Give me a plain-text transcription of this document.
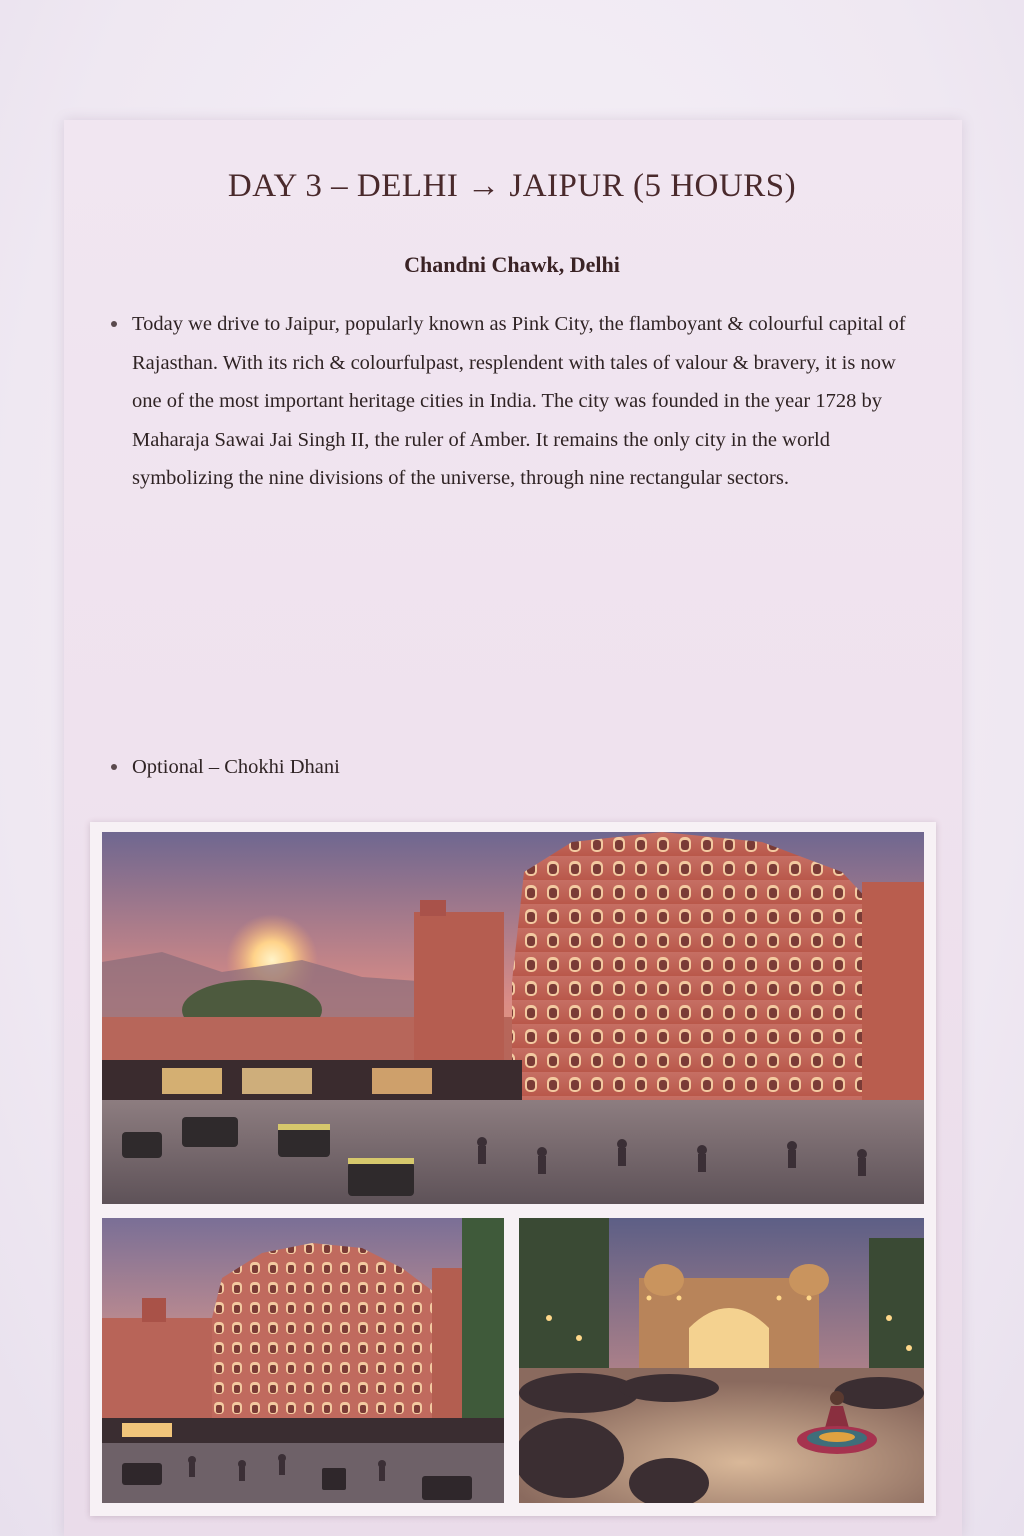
DAY 3 – DELHI → JAIPUR (5 HOURS)
Chandni Chawk, Delhi
Today we drive to Jaipur, popularly known as Pink City, the flamboyant & colourful capital of Rajasthan. With its rich & colourfulpast, resplendent with tales of valour & bravery, it is now one of the most important heritage cities in India. The city was founded in the year 1728 by Maharaja Sawai Jai Singh II, the ruler of Amber. It remains the only city in the world symbolizing the nine divisions of the universe, through nine rectangular sectors.
Optional – Chokhi Dhani
